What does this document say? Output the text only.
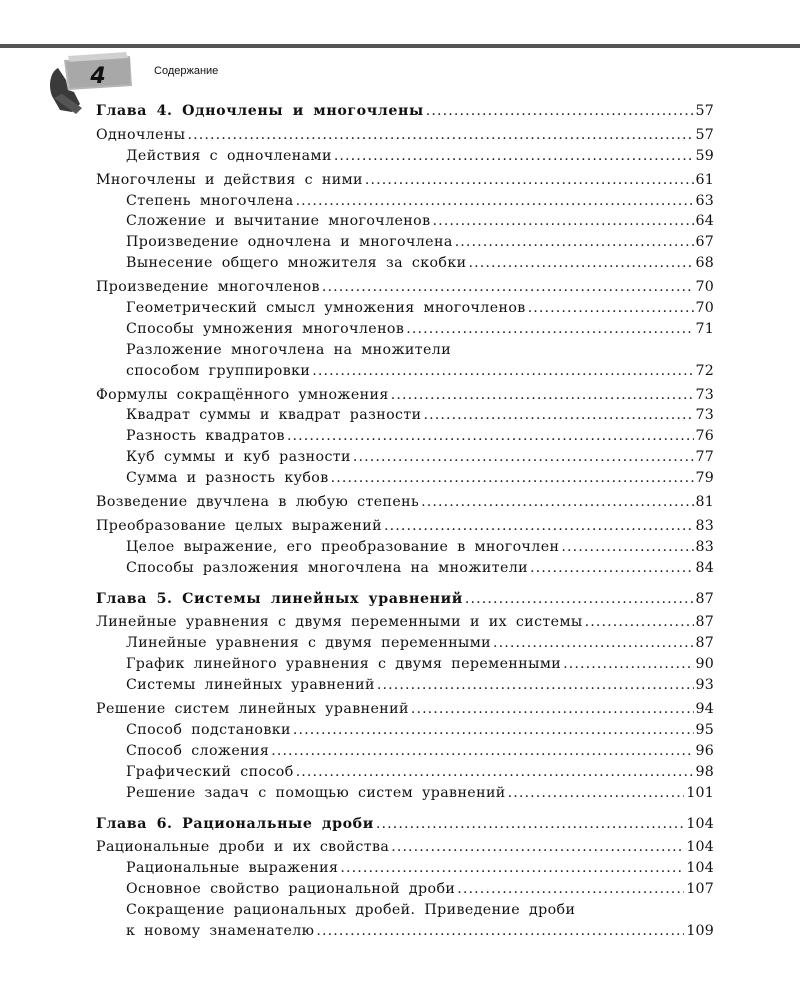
4	Содержание
Глава 4. Одночлены и многочлены . . .	57
Одночлены . . .	57
Действия с одночленами . . .	59
Многочлены и действия с ними . . .	61
Степень многочлена . . .	63
Сложение и вычитание многочленов . . .	64
Произведение одночлена и многочлена . . .	67
Вынесение общего множителя за скобки . . .	68
Произведение многочленов . . .	70
Геометрический смысл умножения многочленов . . .	70
Способы умножения многочленов . . .	71
Разложение многочлена на множители
способом группировки . . .	72
Формулы сокращённого умножения . . .	73
Квадрат суммы и квадрат разности . . .	73
Разность квадратов . . .	76
Куб суммы и куб разности . . .	77
Сумма и разность кубов . . .	79
Возведение двучлена в любую степень . . .	81
Преобразование целых выражений . . .	83
Целое выражение, его преобразование в многочлен . . .	83
Способы разложения многочлена на множители . . .	84
Глава 5. Системы линейных уравнений . . .	87
Линейные уравнения с двумя переменными и их системы . . .	87
Линейные уравнения с двумя переменными . . .	87
График линейного уравнения с двумя переменными . . .	90
Системы линейных уравнений . . .	93
Решение систем линейных уравнений . . .	94
Способ подстановки . . .	95
Способ сложения . . .	96
Графический способ . . .	98
Решение задач с помощью систем уравнений . . .	101
Глава 6. Рациональные дроби . . .	104
Рациональные дроби и их свойства . . .	104
Рациональные выражения . . .	104
Основное свойство рациональной дроби . . .	107
Сокращение рациональных дробей. Приведение дроби
к новому знаменателю . . .	109
